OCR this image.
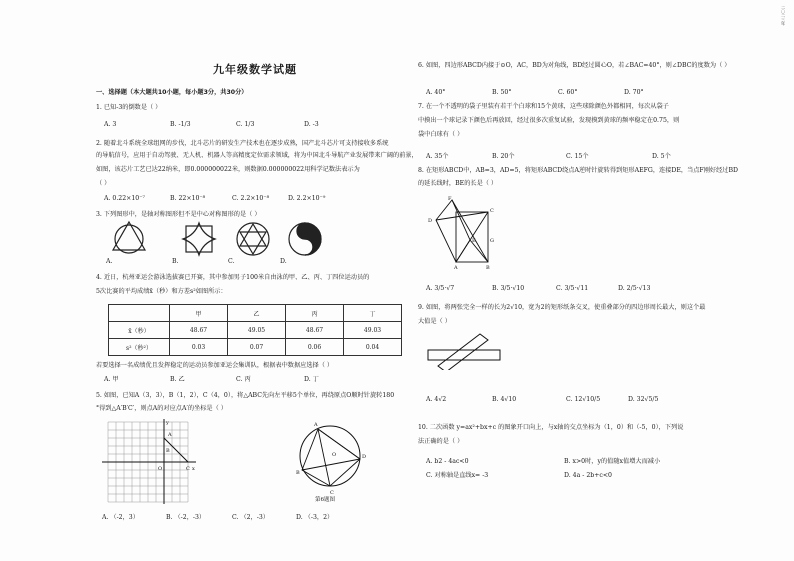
二〇二三年
九年级数学试题
一、选择题（本大题共10小题，每小题3分，共30分）
1. 已知-3的倒数是（ ）
A. 3	B. -1/3	C. 1/3	D. -3
2. 随着北斗系统全球组网的步伐，北斗芯片的研发生产技术也在逐步成熟，国产北斗芯片可支持接收多系统
的导航信号，应用于自动驾驶、无人机、机器人等高精度定位需求领域，将为中国北斗导航产业发展带来广阔的前景，
如图，该芯片工艺已达22纳米，即0.000000022米，则数据0.000000022用科学记数法表示为
（ ）
A. 0.22×10⁻⁷	B. 22×10⁻⁸	C. 2.2×10⁻⁸	D. 2.2×10⁻⁹
3. 下列图形中，是轴对称图形但不是中心对称图形的是（ ）
A.	B.	C.	D.
4. 近日，杭州亚运会游泳选拔赛已开赛，其中参加男子100米自由泳的甲、乙、丙、丁四位运动员的
5次比赛的平均成绩x̄（秒）和方差s²如图所示：
	甲	乙	丙	丁
x̄（秒）	48.67	49.05	48.67	49.03
s²（秒²）	0.03	0.07	0.06	0.04
若要选择一名成绩优且发挥稳定的运动员参加亚运会集训队，根据表中数据应选择（ ）
A. 甲	B. 乙	C. 丙	D. 丁
5. 如图，已知A（3，3），B（1，2），C（4，0），将△ABC先向左平移5个单位，再绕原点O顺时针旋转180
°得到△A′B′C′，则点A的对应点A′的坐标是（ ）
O	x
y
A
B
C
A
B
C
D
O
第6题图
A. （-2，3）	B. （-2，-3）	C. （2，-3）	D. （-3，2）
6. 如图，四边形ABCD内接于⊙O，AC，BD为对角线，BD经过圆心O，若∠BAC=40°，则∠DBC的度数为（ ）
A. 40°	B. 50°	C. 60°	D. 70°
7. 在一个不透明的袋子里装有若干个白球和15个黄球，这些球除颜色外都相同，每次从袋子
中摸出一个球记录下颜色后再放回，经过很多次重复试验，发现摸到黄球的频率稳定在0.75，则
袋中白球有（ ）
A. 35个	B. 20个	C. 15个	D. 5个
8. 在矩形ABCD中，AB=3，AD=5，将矩形ABCD绕点A逆时针旋转得到矩形AEFG，连接DE，当点F刚好经过BD
的延长线时，BE的长是（ ）
F
A	B
C
D
E	G
A. 3/5·√7	B. 3/5·√10	C. 3/5·√11	D. 2/5·√13
9. 如图，将两张完全一样的长为2√10，宽为2的矩形纸条交叉，使重叠部分的四边形周长最大，则这个最
大值是（ ）
A. 4√2	B. 4√10	C. 12√10/5	D. 32√5/5
10. 二次函数 y=ax²+bx+c 的图象开口向上，与x轴的交点坐标为（1，0）和（-5，0），下列说
法正确的是（ ）
A. b2 - 4ac<0	B. x>0时，y的值随x值增大而减小
C. 对称轴是直线x= -3	D. 4a - 2b+c<0
